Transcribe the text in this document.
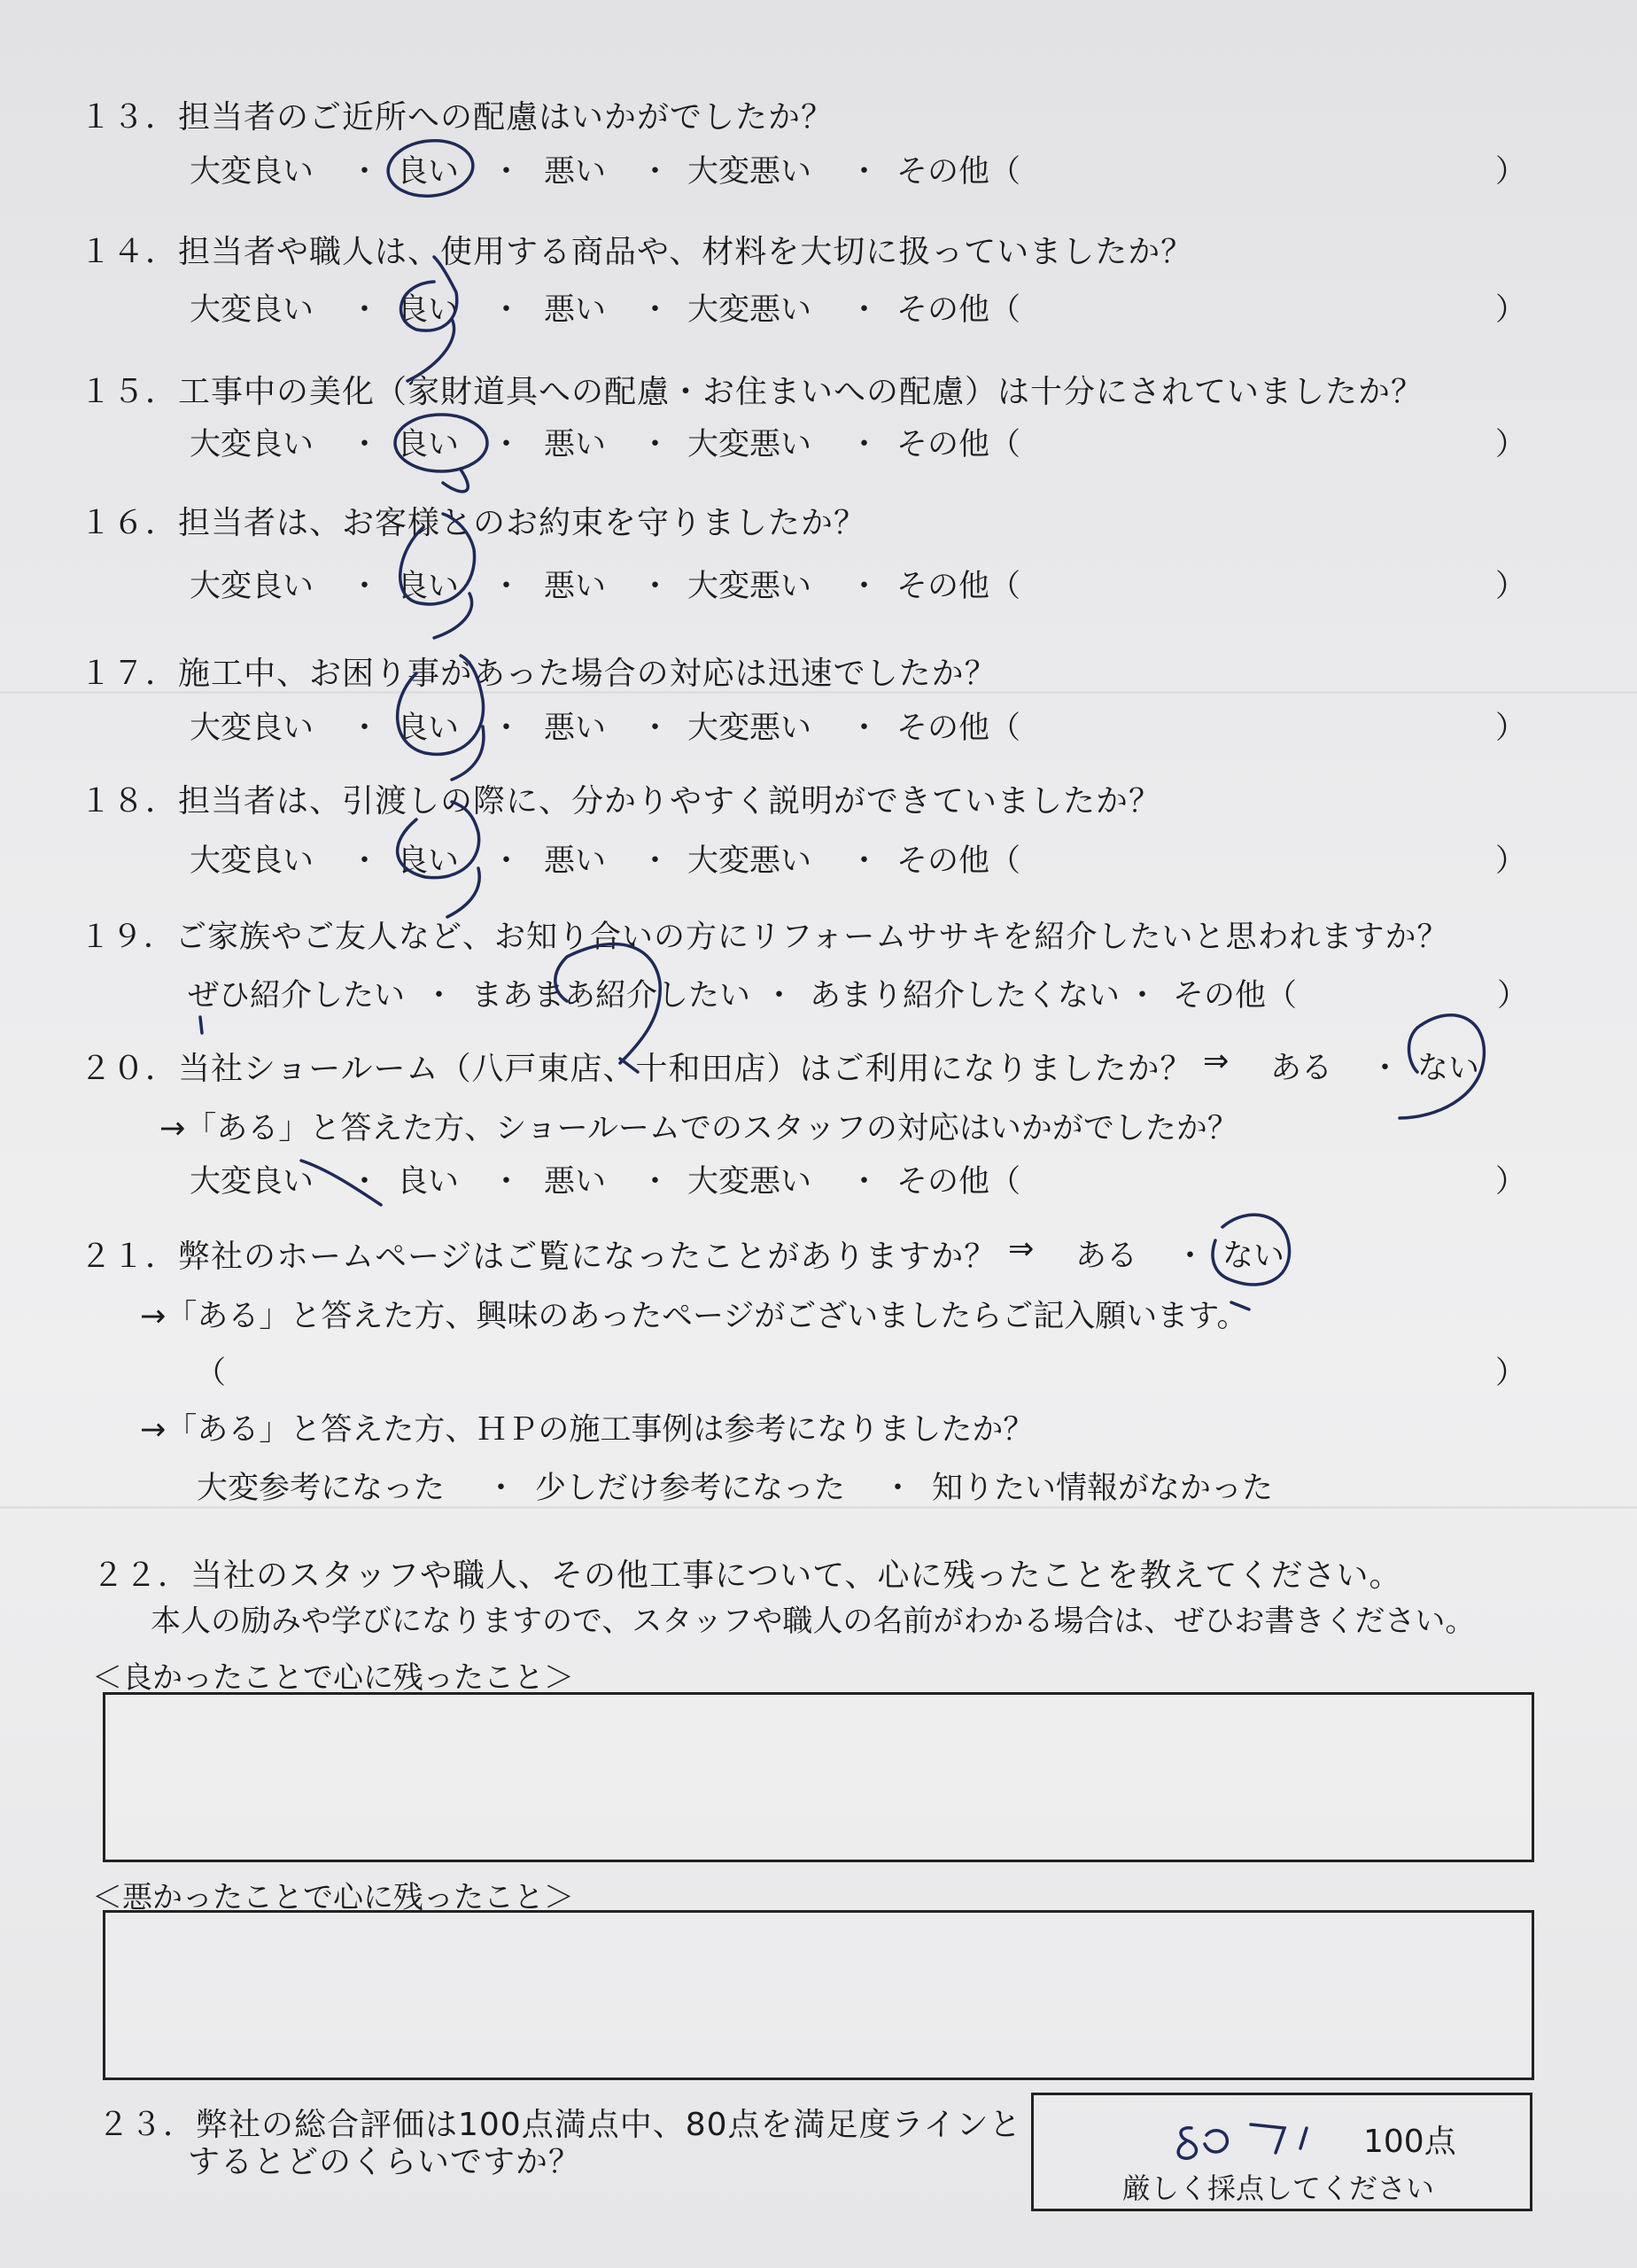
１３．担当者のご近所への配慮はいかがでしたか？
大変良い ・ 良い ・ 悪い ・ 大変悪い ・ その他（	）
１４．担当者や職人は、使用する商品や、材料を大切に扱っていましたか？
大変良い ・ 良い ・ 悪い ・ 大変悪い ・ その他（	）
１５．工事中の美化（家財道具への配慮・お住まいへの配慮）は十分にされていましたか？
大変良い ・ 良い ・ 悪い ・ 大変悪い ・ その他（	）
１６．担当者は、お客様とのお約束を守りましたか？
大変良い ・ 良い ・ 悪い ・ 大変悪い ・ その他（	）
１７．施工中、お困り事があった場合の対応は迅速でしたか？
大変良い ・ 良い ・ 悪い ・ 大変悪い ・ その他（	）
１８．担当者は、引渡しの際に、分かりやすく説明ができていましたか？
大変良い ・ 良い ・ 悪い ・ 大変悪い ・ その他（	）
１９．ご家族やご友人など、お知り合いの方にリフォームササキを紹介したいと思われますか？
ぜひ紹介したい ・ まあまあ紹介したい ・ あまり紹介したくない ・ その他（	）
２０．当社ショールーム（八戸東店、十和田店）はご利用になりましたか？ ⇒ ある ・ ない
→「ある」と答えた方、ショールームでのスタッフの対応はいかがでしたか？
大変良い ・ 良い ・ 悪い ・ 大変悪い ・ その他（	）
２１．弊社のホームページはご覧になったことがありますか？ ⇒ ある ・ ない
→「ある」と答えた方、興味のあったページがございましたらご記入願います。
（	）
→「ある」と答えた方、ＨＰの施工事例は参考になりましたか？
大変参考になった ・ 少しだけ参考になった ・ 知りたい情報がなかった
２２．当社のスタッフや職人、その他工事について、心に残ったことを教えてください。
本人の励みや学びになりますので、スタッフや職人の名前がわかる場合は、ぜひお書きください。
＜良かったことで心に残ったこと＞
＜悪かったことで心に残ったこと＞
２３．弊社の総合評価は100点満点中、80点を満足度ラインと
するとどのくらいですか？
100点
厳しく採点してください
